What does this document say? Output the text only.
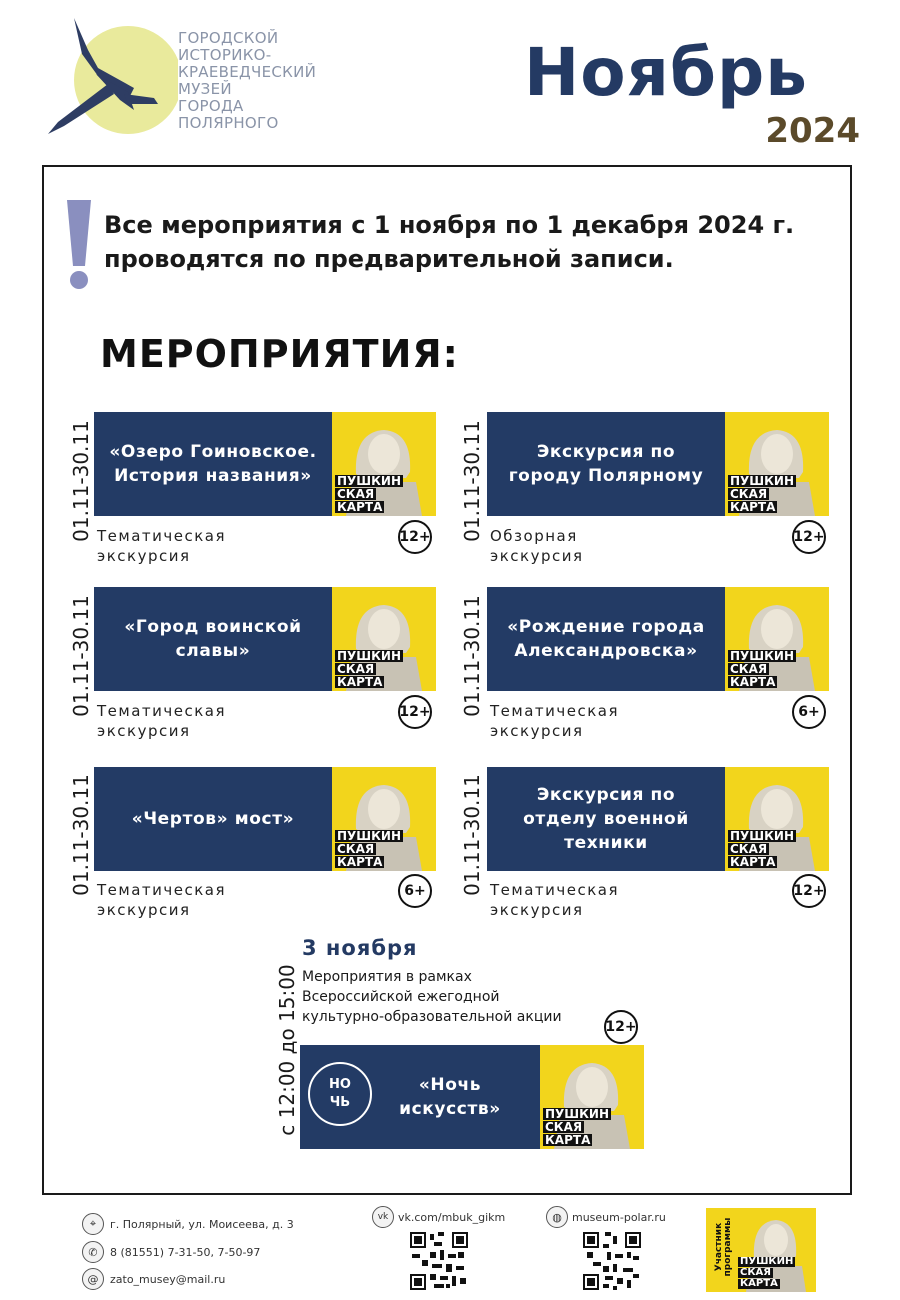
ГОРОДСКОЙ
ИСТОРИКО-
КРАЕВЕДЧЕСКИЙ
МУЗЕЙ
ГОРОДА
ПОЛЯРНОГО
Ноябрь
2024
Все мероприятия с 1 ноября по 1 декабря 2024 г.
проводятся по предварительной записи.
МЕРОПРИЯТИЯ:
01.11-30.11 «Озеро Гоиновское.
История названия»	ПУШКИН
СКАЯ
КАРТА
Тематическая
экскурсия
12+ 01.11-30.11	Экскурсия по
городу Полярному ПУШКИН
СКАЯ
КАРТА
Обзорная
экскурсия
12+
01.11-30.11 «Город воинской
славы»	ПУШКИН
СКАЯ
КАРТА
Тематическая
экскурсия
12+ 01.11-30.11 «Рождение города
Александровска»	ПУШКИН
СКАЯ
КАРТА
Тематическая
экскурсия
6+
01.11-30.11 «Чертов» мост»
ПУШКИН
СКАЯ
КАРТА
Тематическая
экскурсия
6+	01.11-30.11	Экскурсия по
отделу военной
техники	ПУШКИН
СКАЯ
КАРТА
Тематическая
экскурсия
12+
с 12:00 до 15:00
3 ноября
Мероприятия в рамках
Всероссийской ежегодной
культурно-образовательной акции
12+
«Ночь
искусств»
НО
ЧЬ
ПУШКИН
СКАЯ
КАРТА
⌖	г. Полярный, ул. Моисеева, д. 3
✆	8 (81551) 7-31-50, 7-50-97
@	zato_musey@mail.ru
vk vk.com/mbuk_gikm	◍ museum-polar.ru
Участник программы ПУШКИН
СКАЯ
КАРТА
